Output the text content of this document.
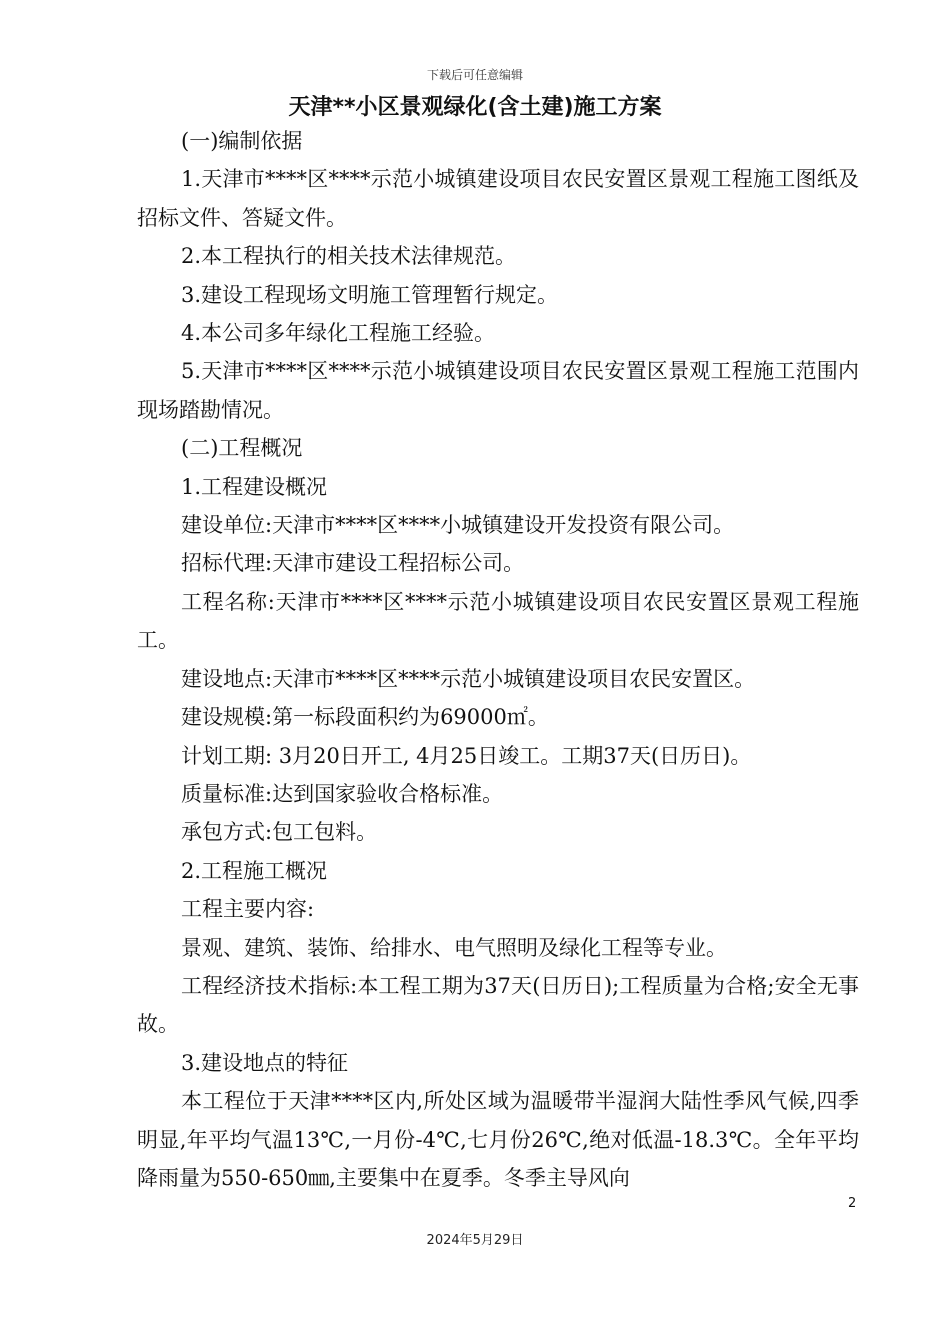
下载后可任意编辑
天津**小区景观绿化(含土建)施工方案

(一)编制依据

1.天津市****区****示范小城镇建设项目农民安置区景观工程施工图纸及招标文件、答疑文件。

2.本工程执行的相关技术法律规范。

3.建设工程现场文明施工管理暂行规定。

4.本公司多年绿化工程施工经验。

5.天津市****区****示范小城镇建设项目农民安置区景观工程施工范围内现场踏勘情况。

(二)工程概况

1.工程建设概况

建设单位:天津市****区****小城镇建设开发投资有限公司。

招标代理:天津市建设工程招标公司。

工程名称:天津市****区****示范小城镇建设项目农民安置区景观工程施工。

建设地点:天津市****区****示范小城镇建设项目农民安置区。

建设规模:第一标段面积约为69000㎡。

计划工期: 3月20日开工, 4月25日竣工。工期37天(日历日)。

质量标准:达到国家验收合格标准。

承包方式:包工包料。

2.工程施工概况

工程主要内容:

景观、建筑、装饰、给排水、电气照明及绿化工程等专业。

工程经济技术指标:本工程工期为37天(日历日);工程质量为合格;安全无事故。

3.建设地点的特征

本工程位于天津****区内,所处区域为温暖带半湿润大陆性季风气候,四季明显,年平均气温13℃,一月份-4℃,七月份26℃,绝对低温-18.3℃。全年平均降雨量为550-650㎜,主要集中在夏季。冬季主导风向

2
2024年5月29日
